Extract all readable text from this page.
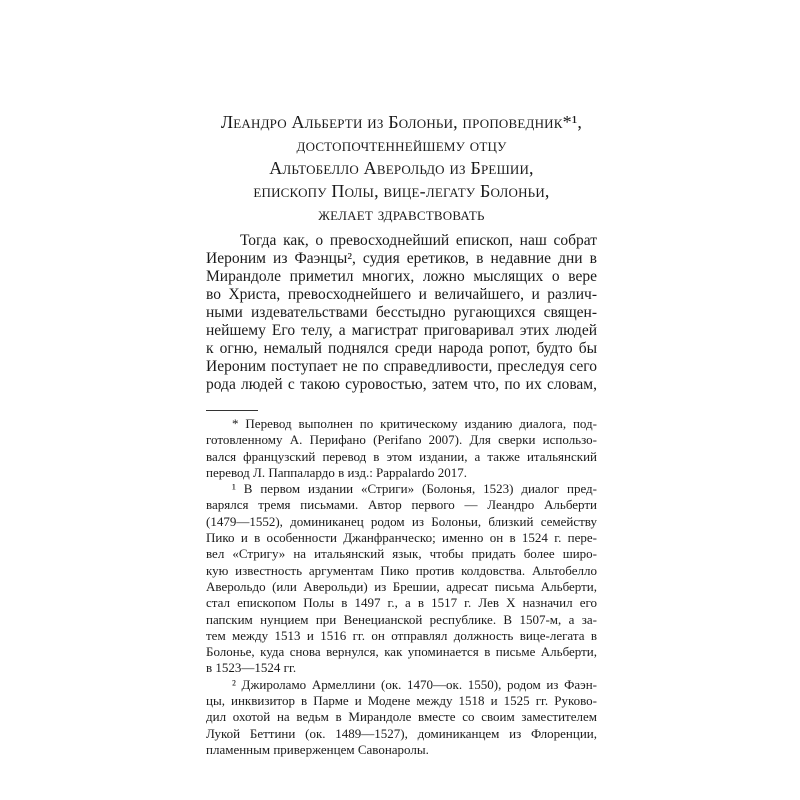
Леандро Альберти из Болоньи, проповедник*¹,
достопочтеннейшему отцу
Альтобелло Аверольдо из Брешии,
епископу Полы, вице-легату Болоньи,
желает здравствовать
Тогда как, о превосходнейший епископ, наш собрат
Иероним из Фаэнцы², судия еретиков, в недавние дни в
Мирандоле приметил многих, ложно мыслящих о вере
во Христа, превосходнейшего и величайшего, и различ-
ными издевательствами бесстыдно ругающихся священ-
нейшему Его телу, а магистрат приговаривал этих людей
к огню, немалый поднялся среди народа ропот, будто бы
Иероним поступает не по справедливости, преследуя сего
рода людей с такою суровостью, затем что, по их словам,
* Перевод выполнен по критическому изданию диалога, под-
готовленному А. Перифано (Perifano 2007). Для сверки использо-
вался французский перевод в этом издании, а также итальянский
перевод Л. Паппалардо в изд.: Pappalardo 2017.
¹ В первом издании «Стриги» (Болонья, 1523) диалог пред-
варялся тремя письмами. Автор первого — Леандро Альберти
(1479—1552), доминиканец родом из Болоньи, близкий семейству
Пико и в особенности Джанфранческо; именно он в 1524 г. пере-
вел «Стригу» на итальянский язык, чтобы придать более широ-
кую известность аргументам Пико против колдовства. Альтобелло
Аверольдо (или Аверольди) из Брешии, адресат письма Альберти,
стал епископом Полы в 1497 г., а в 1517 г. Лев X назначил его
папским нунцием при Венецианской республике. В 1507-м, а за-
тем между 1513 и 1516 гг. он отправлял должность вице-легата в
Болонье, куда снова вернулся, как упоминается в письме Альберти,
в 1523—1524 гг.
² Джироламо Армеллини (ок. 1470—ок. 1550), родом из Фаэн-
цы, инквизитор в Парме и Модене между 1518 и 1525 гг. Руково-
дил охотой на ведьм в Мирандоле вместе со своим заместителем
Лукой Беттини (ок. 1489—1527), доминиканцем из Флоренции,
пламенным приверженцем Савонаролы.
